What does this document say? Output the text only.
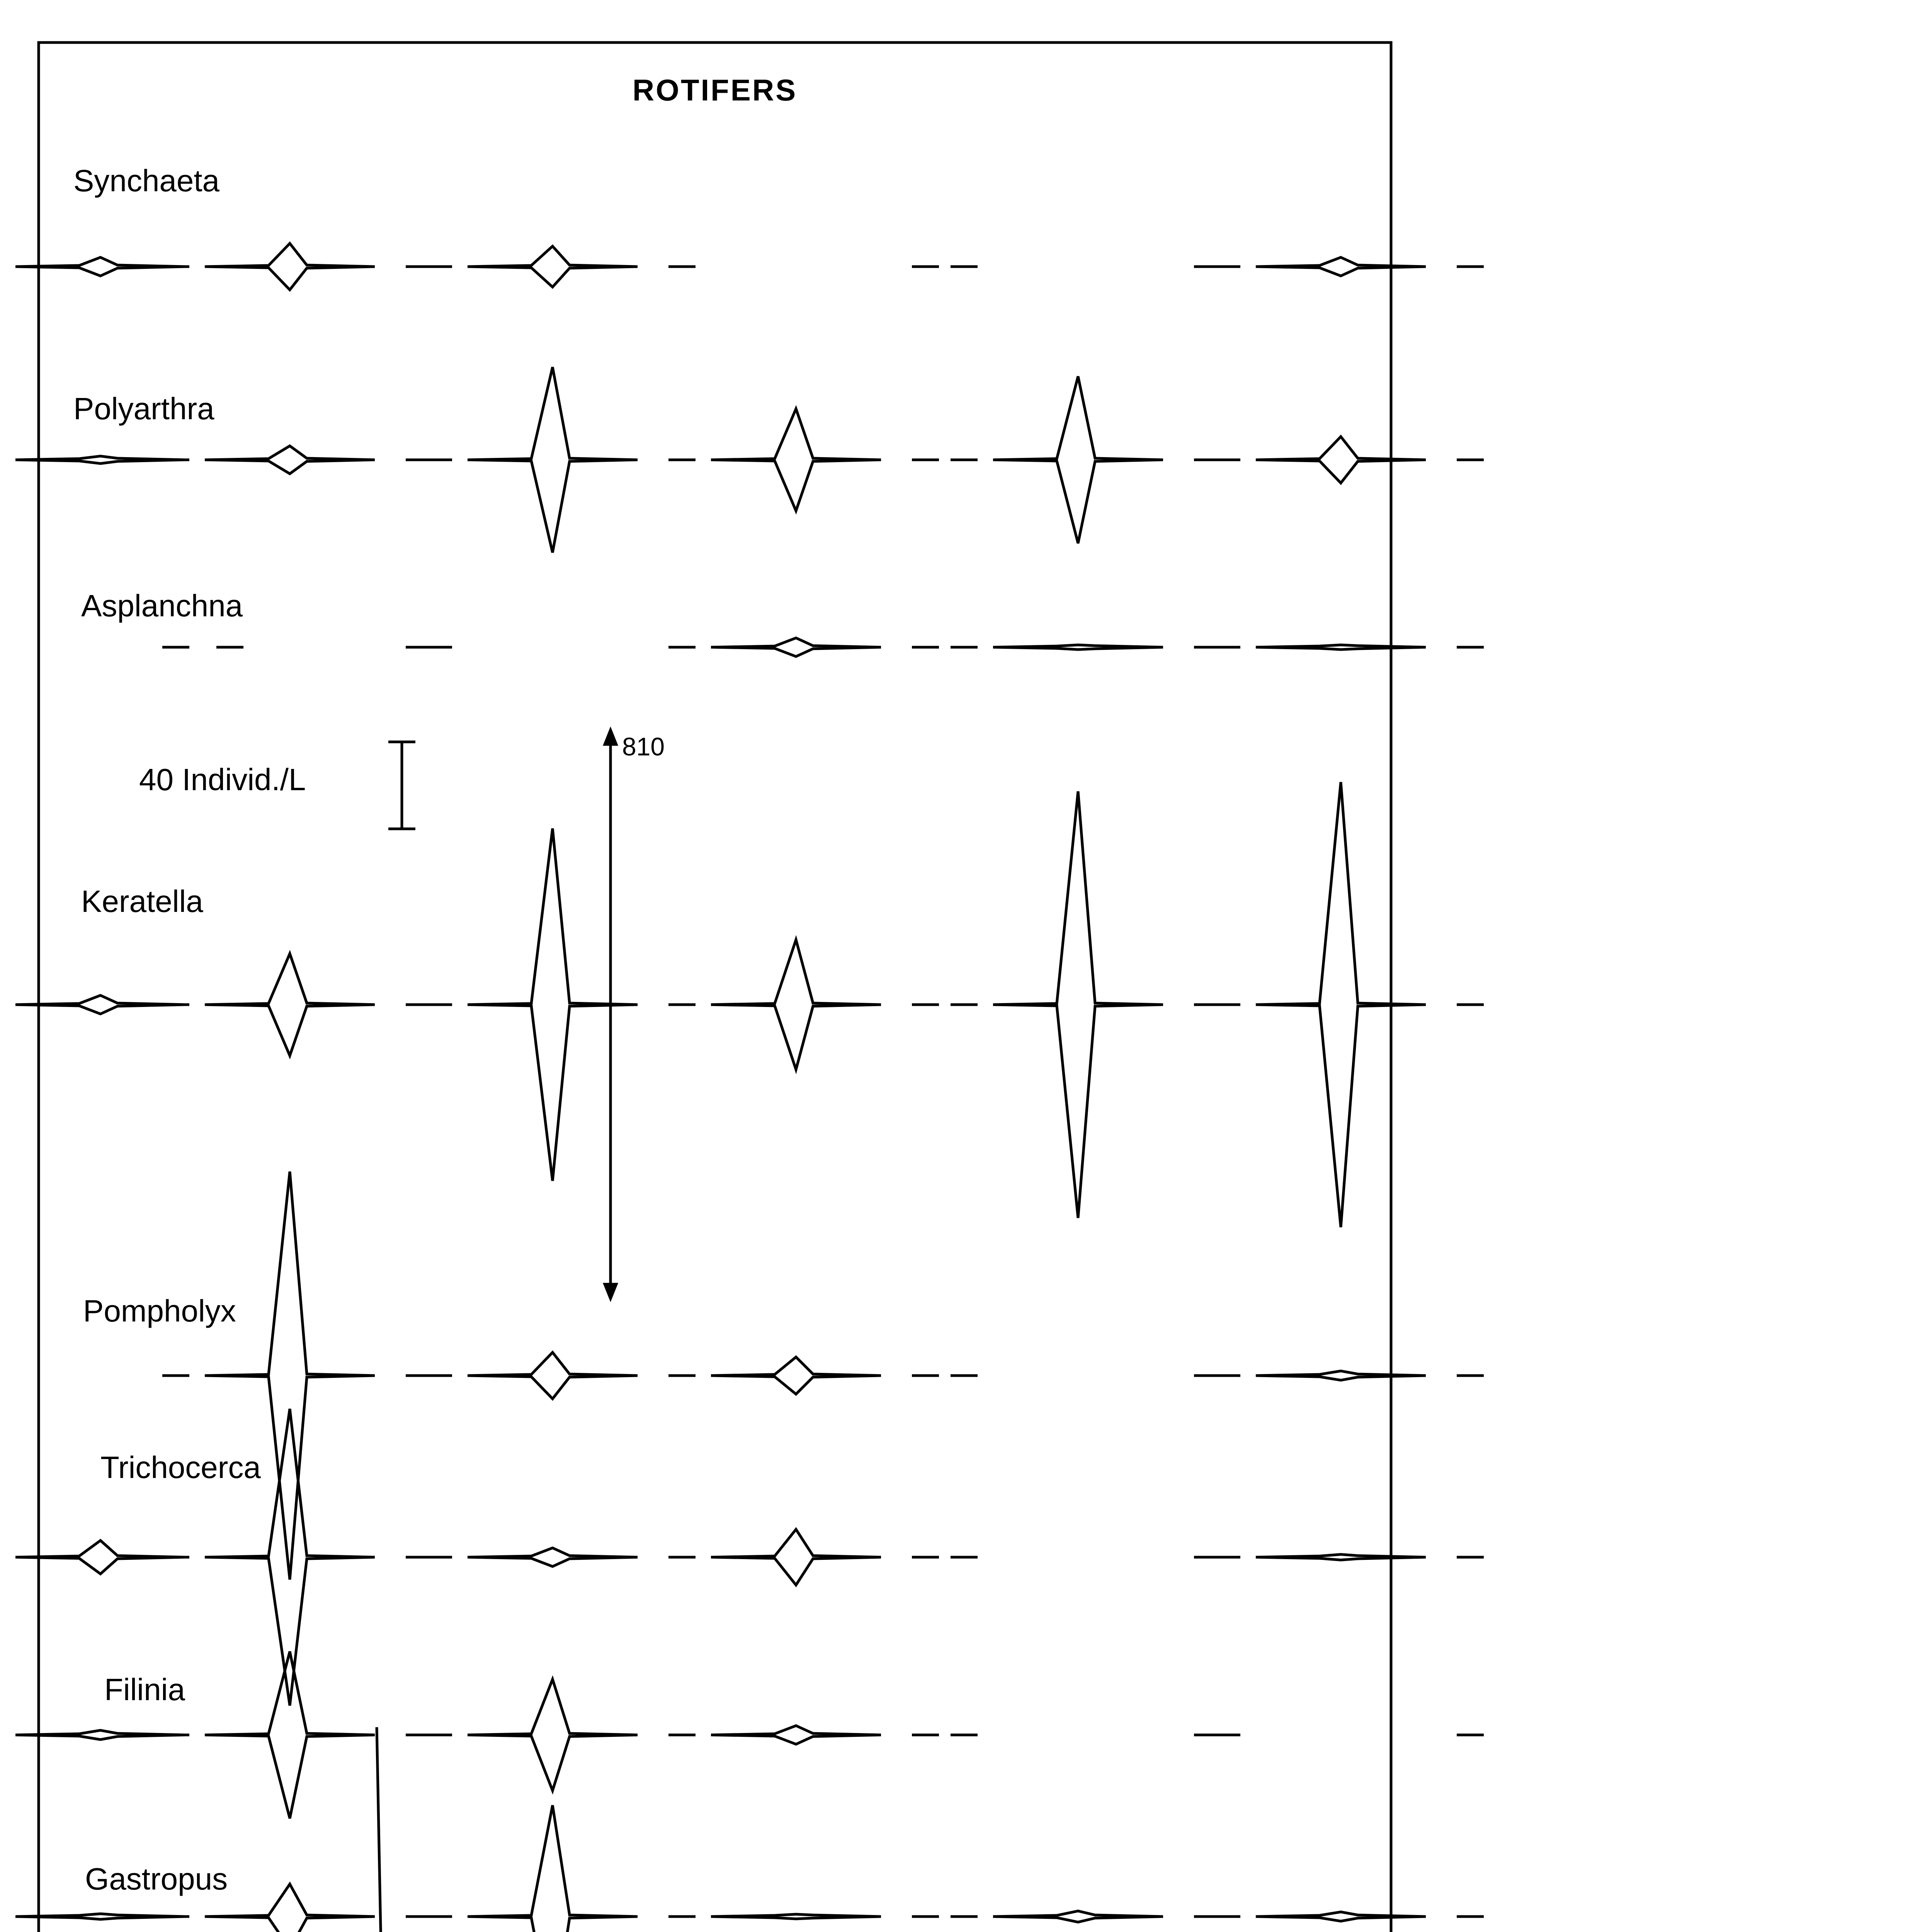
ROTIFERS
Synchaeta
Polyarthra
Asplanchna
Keratella
Pompholyx
Trichocerca
Filinia
Gastropus
40 Individ./L
810
